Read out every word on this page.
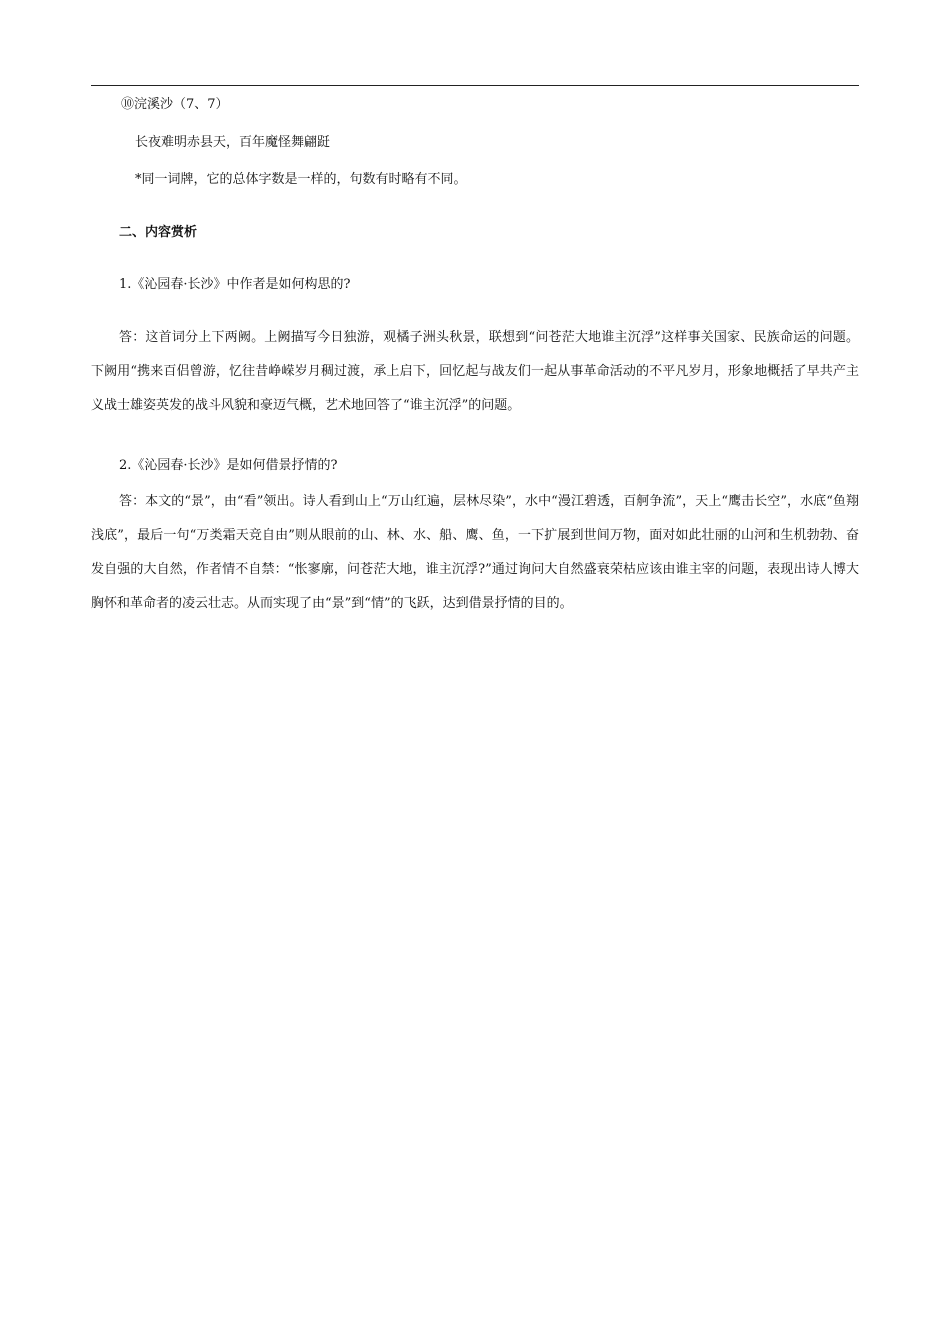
⑩浣溪沙（7、7）
长夜难明赤县天，百年魔怪舞翩跹
*同一词牌，它的总体字数是一样的，句数有时略有不同。
二、内容赏析
1.《沁园春·长沙》中作者是如何构思的?
答：这首词分上下两阙。上阙描写今日独游，观橘子洲头秋景，联想到“问苍茫大地谁主沉浮”这样事关国家、民族命运的问题。下阙用“携来百侣曾游，忆往昔峥嵘岁月稠过渡，承上启下，回忆起与战友们一起从事革命活动的不平凡岁月，形象地概括了早共产主义战士雄姿英发的战斗风貌和豪迈气概，艺术地回答了“谁主沉浮”的问题。
2.《沁园春·长沙》是如何借景抒情的?
答：本文的“景”，由“看”领出。诗人看到山上“万山红遍，层林尽染”，水中“漫江碧透，百舸争流”，天上“鹰击长空”，水底“鱼翔浅底”，最后一句“万类霜天竞自由”则从眼前的山、林、水、船、鹰、鱼，一下扩展到世间万物，面对如此壮丽的山河和生机勃勃、奋发自强的大自然，作者情不自禁：“怅寥廓，问苍茫大地，谁主沉浮?”通过询问大自然盛衰荣枯应该由谁主宰的问题，表现出诗人博大胸怀和革命者的凌云壮志。从而实现了由“景”到“情”的飞跃，达到借景抒情的目的。
